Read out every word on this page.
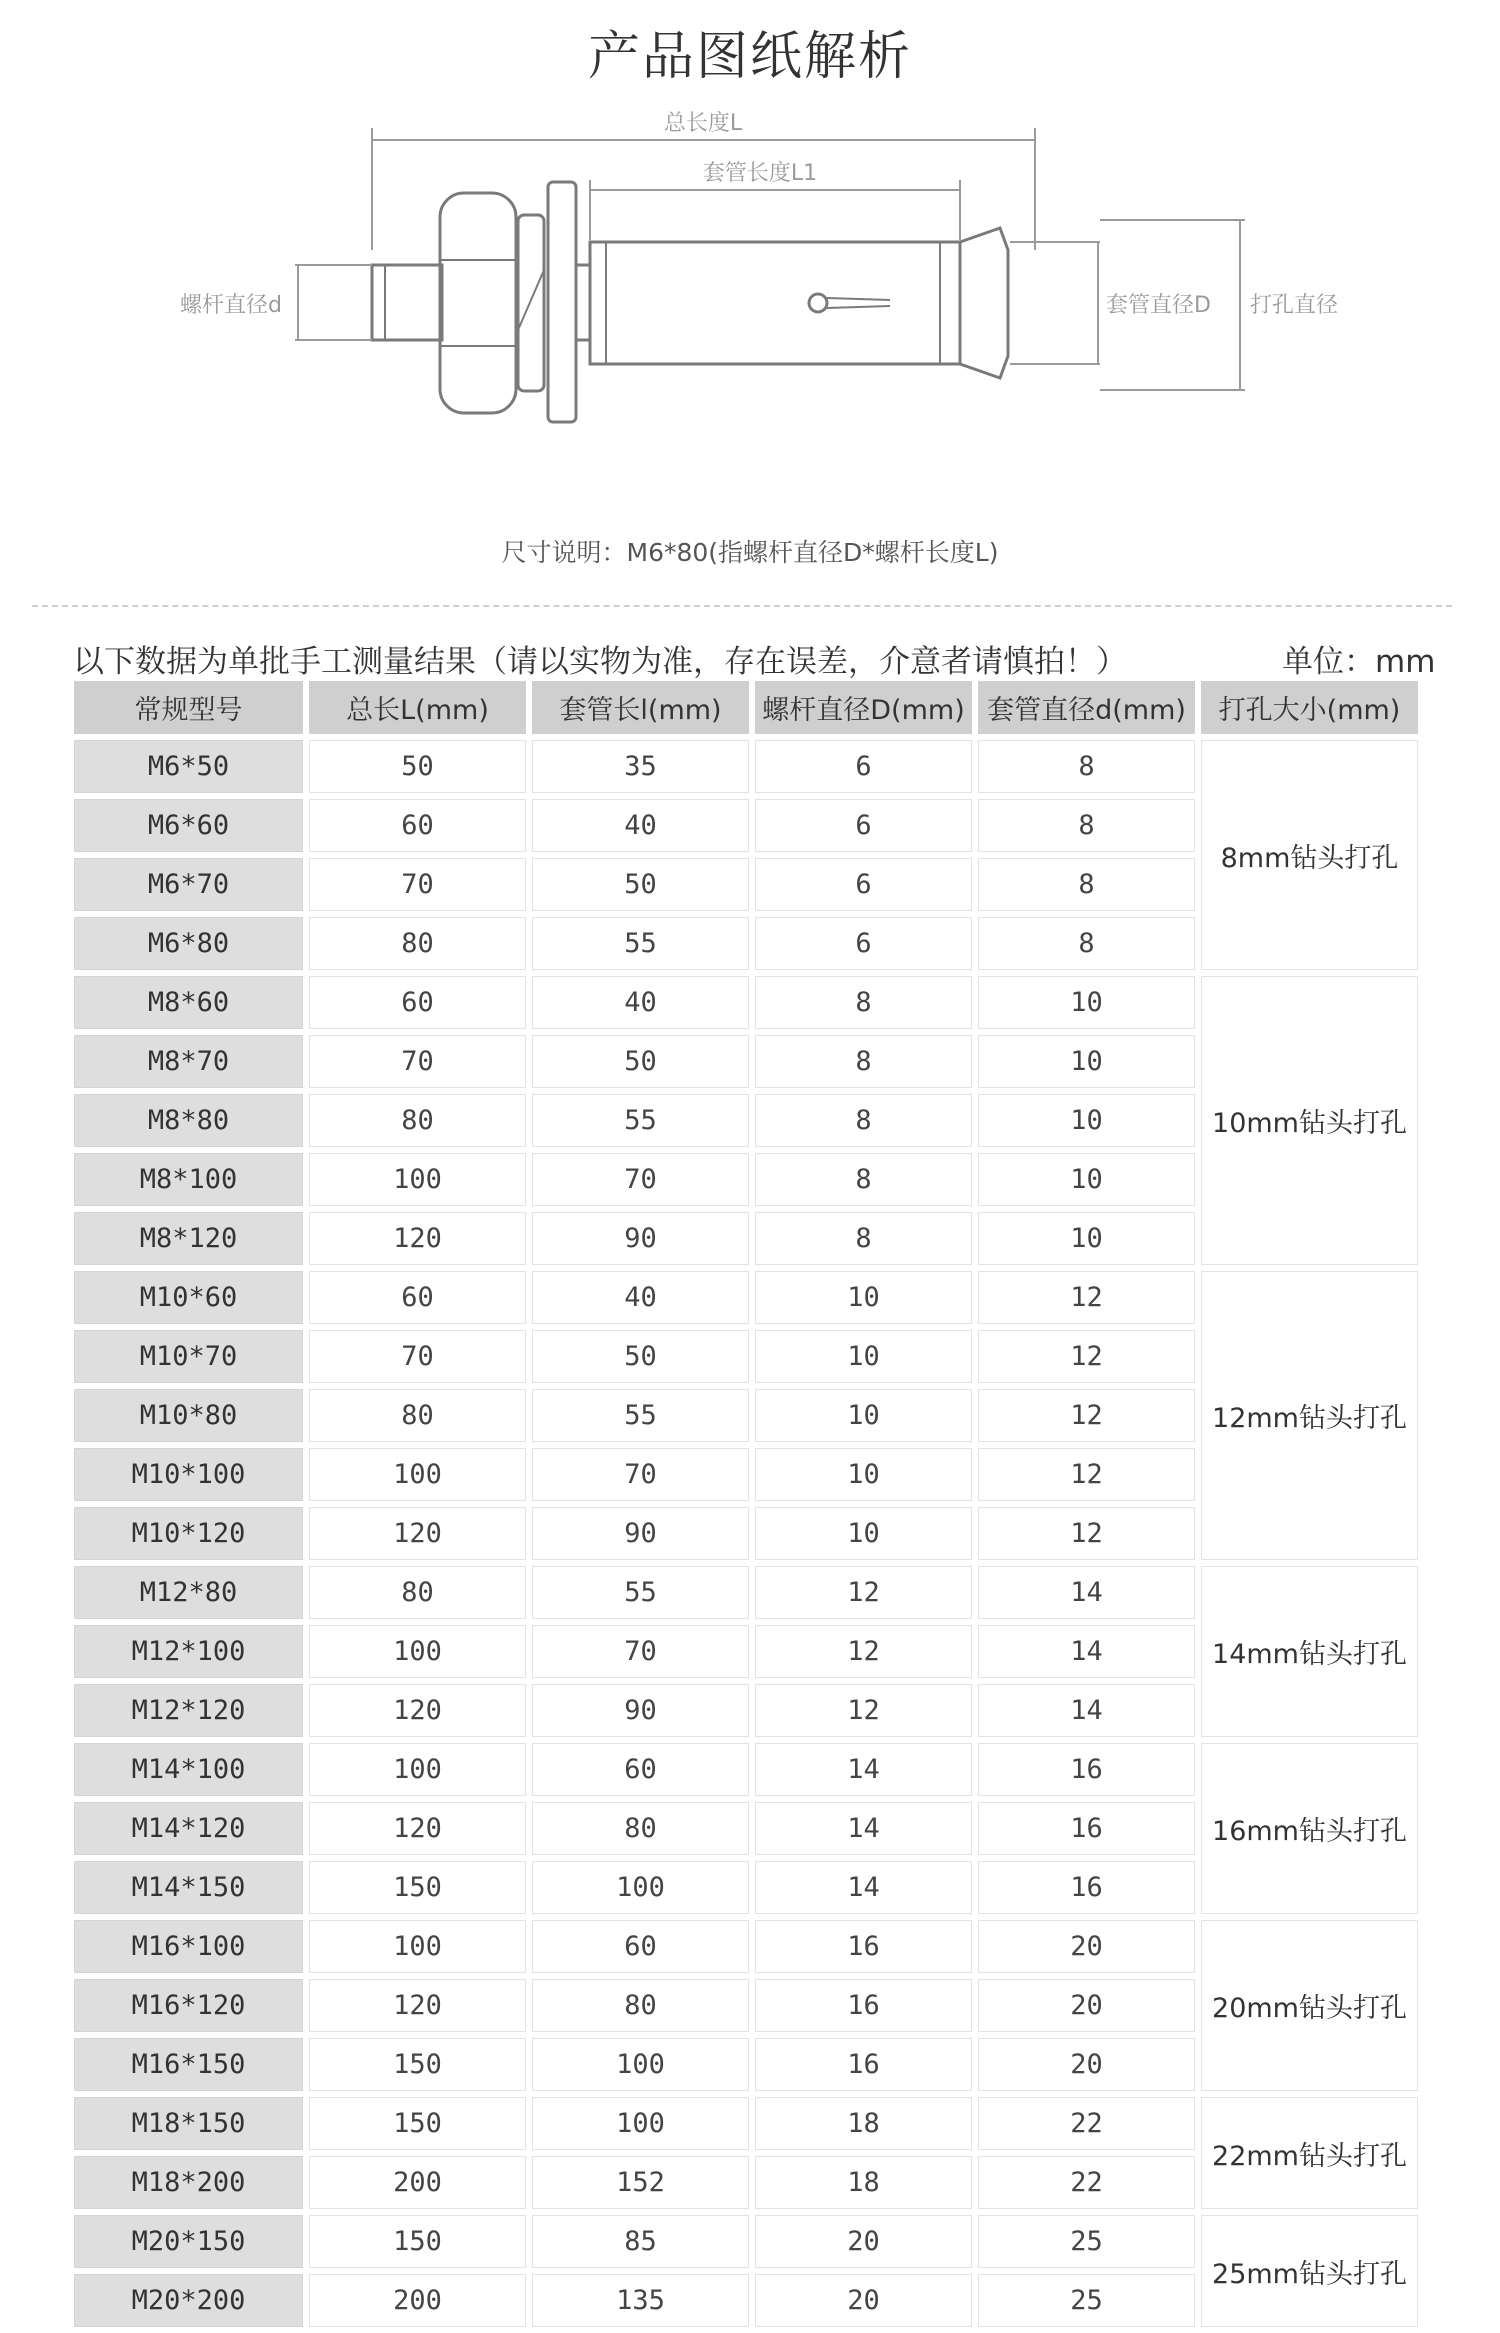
产品图纸解析
总长度L
套管长度L1
螺杆直径d	套管直径D 打孔直径
尺寸说明：M6*80(指螺杆直径D*螺杆长度L)
以下数据为单批手工测量结果（请以实物为准，存在误差，介意者请慎拍！）	单位：mm
常规型号	总长L(mm)	套管长l(mm)	螺杆直径D(mm)	套管直径d(mm)	打孔大小(mm)
M6*50	50	35	6	8	8mm钻头打孔
M6*60	60	40	6	8	
M6*70	70	50	6	8	
M6*80	80	55	6	8	
M8*60	60	40	8	10	10mm钻头打孔
M8*70	70	50	8	10	
M8*80	80	55	8	10	
M8*100	100	70	8	10	
M8*120	120	90	8	10	
M10*60	60	40	10	12	12mm钻头打孔
M10*70	70	50	10	12	
M10*80	80	55	10	12	
M10*100	100	70	10	12	
M10*120	120	90	10	12	
M12*80	80	55	12	14	14mm钻头打孔
M12*100	100	70	12	14	
M12*120	120	90	12	14	
M14*100	100	60	14	16	16mm钻头打孔
M14*120	120	80	14	16	
M14*150	150	100	14	16	
M16*100	100	60	16	20	20mm钻头打孔
M16*120	120	80	16	20	
M16*150	150	100	16	20	
M18*150	150	100	18	22	22mm钻头打孔
M18*200	200	152	18	22	
M20*150	150	85	20	25	25mm钻头打孔
M20*200	200	135	20	25	
